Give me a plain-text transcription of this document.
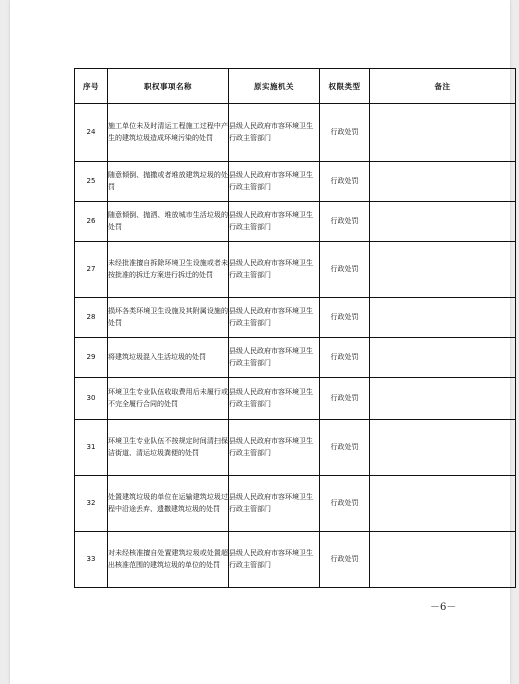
序号	职权事项名称	原实施机关	权限类型	备注
24	施工单位未及时清运工程施工过程中产生的建筑垃圾造成环境污染的处罚	县级人民政府市容环境卫生行政主管部门	行政处罚	
25	随意倾倒、抛撒或者堆放建筑垃圾的处罚	县级人民政府市容环境卫生行政主管部门	行政处罚	
26	随意倾倒、抛洒、堆放城市生活垃圾的处罚	县级人民政府市容环境卫生行政主管部门	行政处罚	
27	未经批准擅自拆除环境卫生设施或者未按批准的拆迁方案进行拆迁的处罚	县级人民政府市容环境卫生行政主管部门	行政处罚	
28	损坏各类环境卫生设施及其附属设施的处罚	县级人民政府市容环境卫生行政主管部门	行政处罚	
29	将建筑垃圾混入生活垃圾的处罚	县级人民政府市容环境卫生行政主管部门	行政处罚	
30	环境卫生专业队伍收取费用后未履行或不完全履行合同的处罚	县级人民政府市容环境卫生行政主管部门	行政处罚	
31	环境卫生专业队伍不按规定时间清扫保洁街道、清运垃圾粪便的处罚	县级人民政府市容环境卫生行政主管部门	行政处罚	
32	处置建筑垃圾的单位在运输建筑垃圾过程中沿途丢弃、遗撒建筑垃圾的处罚	县级人民政府市容环境卫生行政主管部门	行政处罚	
33	对未经核准擅自处置建筑垃圾或处置超出核准范围的建筑垃圾的单位的处罚	县级人民政府市容环境卫生行政主管部门	行政处罚	
－6－
